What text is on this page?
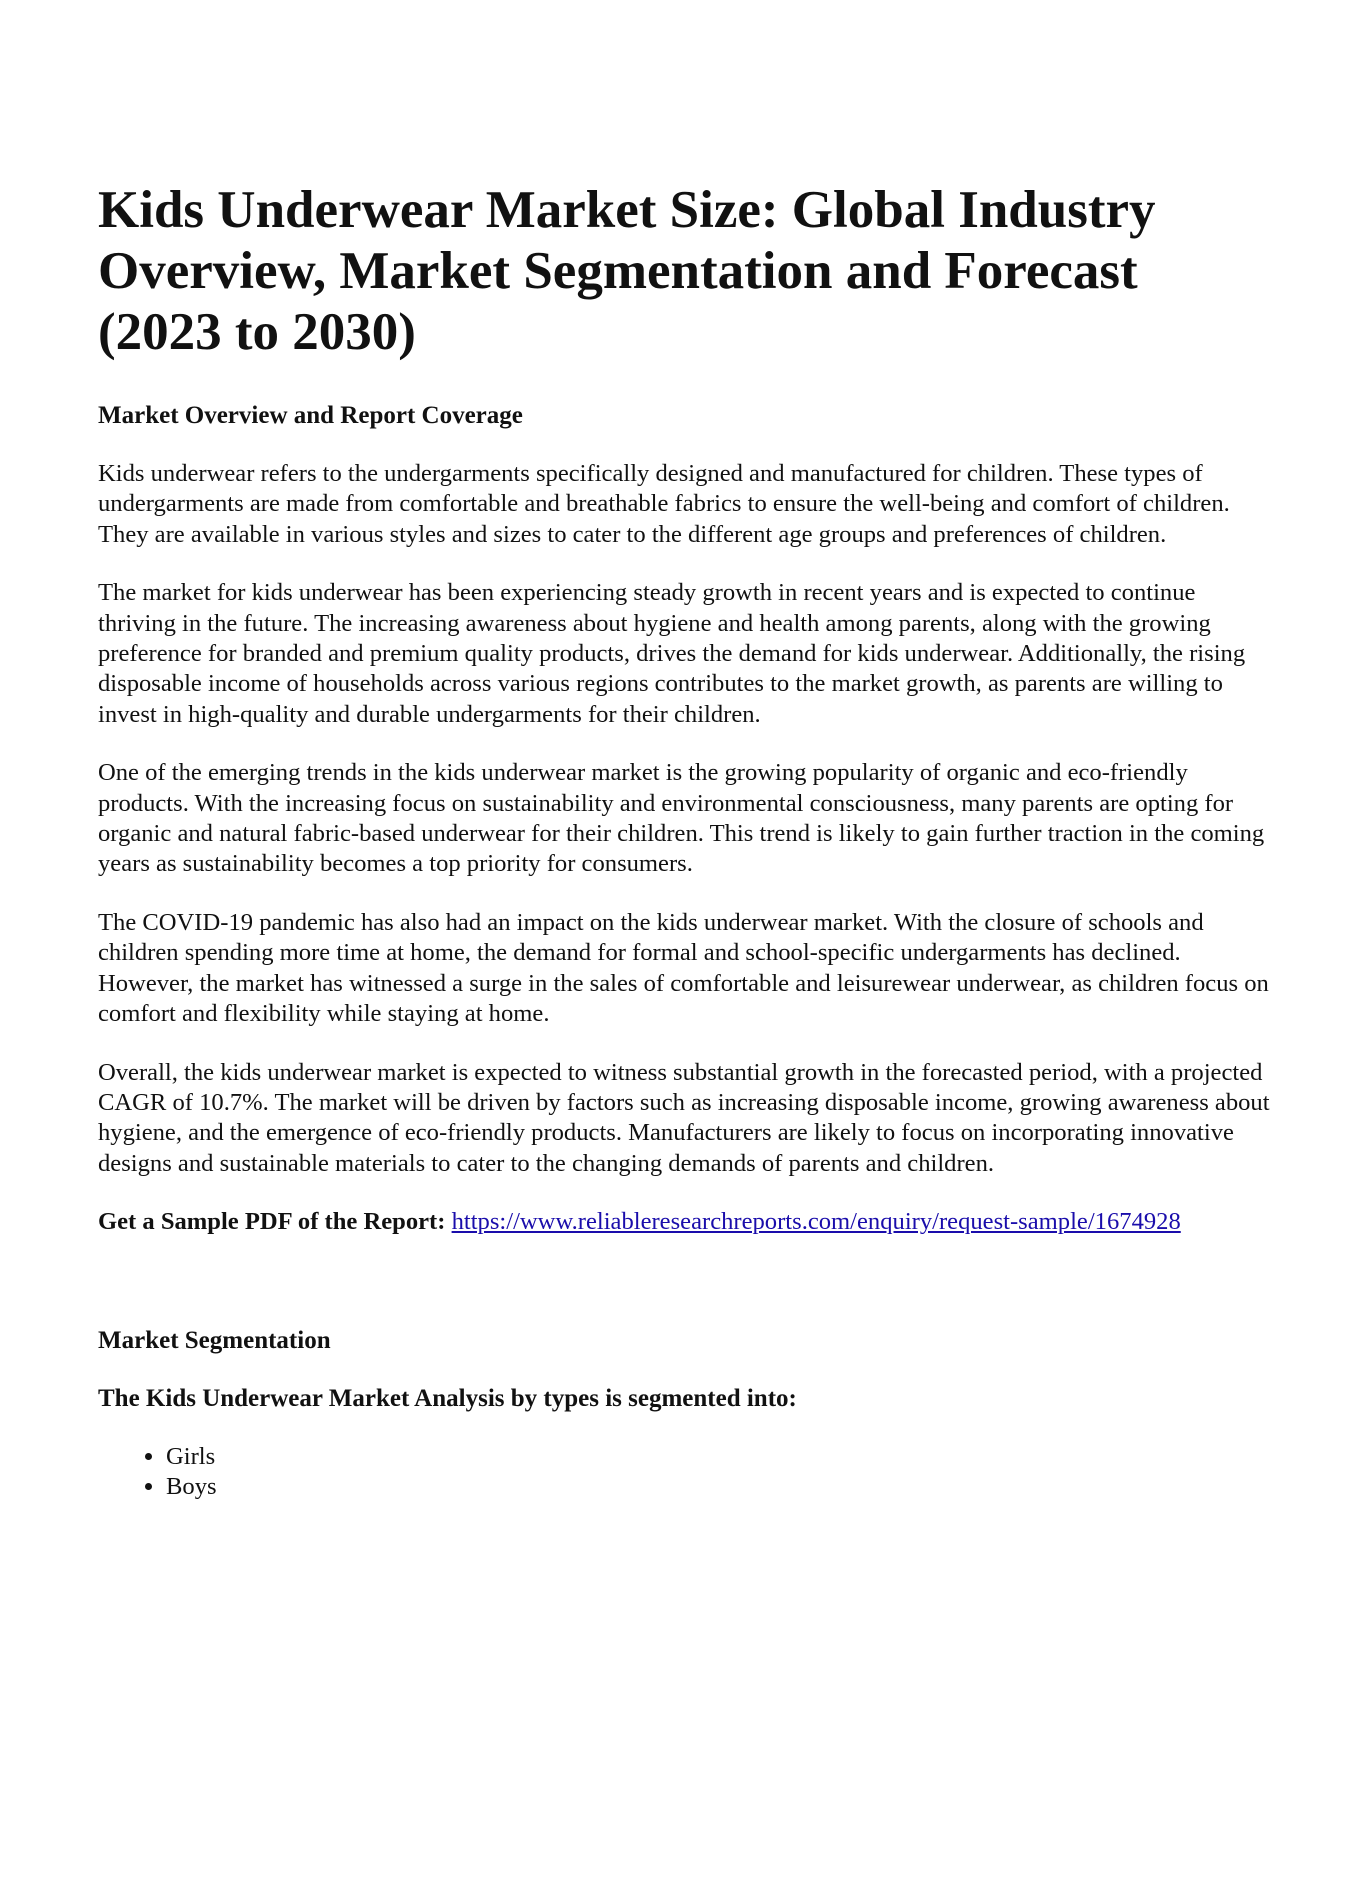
Kids Underwear Market Size: Global Industry Overview, Market Segmentation and Forecast (2023 to 2030)
Market Overview and Report Coverage

Kids underwear refers to the undergarments specifically designed and manufactured for children. These types of undergarments are made from comfortable and breathable fabrics to ensure the well-being and comfort of children. They are available in various styles and sizes to cater to the different age groups and preferences of children.

The market for kids underwear has been experiencing steady growth in recent years and is expected to continue thriving in the future. The increasing awareness about hygiene and health among parents, along with the growing preference for branded and premium quality products, drives the demand for kids underwear. Additionally, the rising disposable income of households across various regions contributes to the market growth, as parents are willing to invest in high-quality and durable undergarments for their children.

One of the emerging trends in the kids underwear market is the growing popularity of organic and eco-friendly products. With the increasing focus on sustainability and environmental consciousness, many parents are opting for organic and natural fabric-based underwear for their children. This trend is likely to gain further traction in the coming years as sustainability becomes a top priority for consumers.

The COVID-19 pandemic has also had an impact on the kids underwear market. With the closure of schools and children spending more time at home, the demand for formal and school-specific undergarments has declined. However, the market has witnessed a surge in the sales of comfortable and leisurewear underwear, as children focus on comfort and flexibility while staying at home.

Overall, the kids underwear market is expected to witness substantial growth in the forecasted period, with a projected CAGR of 10.7%. The market will be driven by factors such as increasing disposable income, growing awareness about hygiene, and the emergence of eco-friendly products. Manufacturers are likely to focus on incorporating innovative designs and sustainable materials to cater to the changing demands of parents and children.

Get a Sample PDF of the Report: https://www.reliableresearchreports.com/enquiry/request-sample/1674928

Market Segmentation
The Kids Underwear Market Analysis by types is segmented into:
• Girls
• Boys
